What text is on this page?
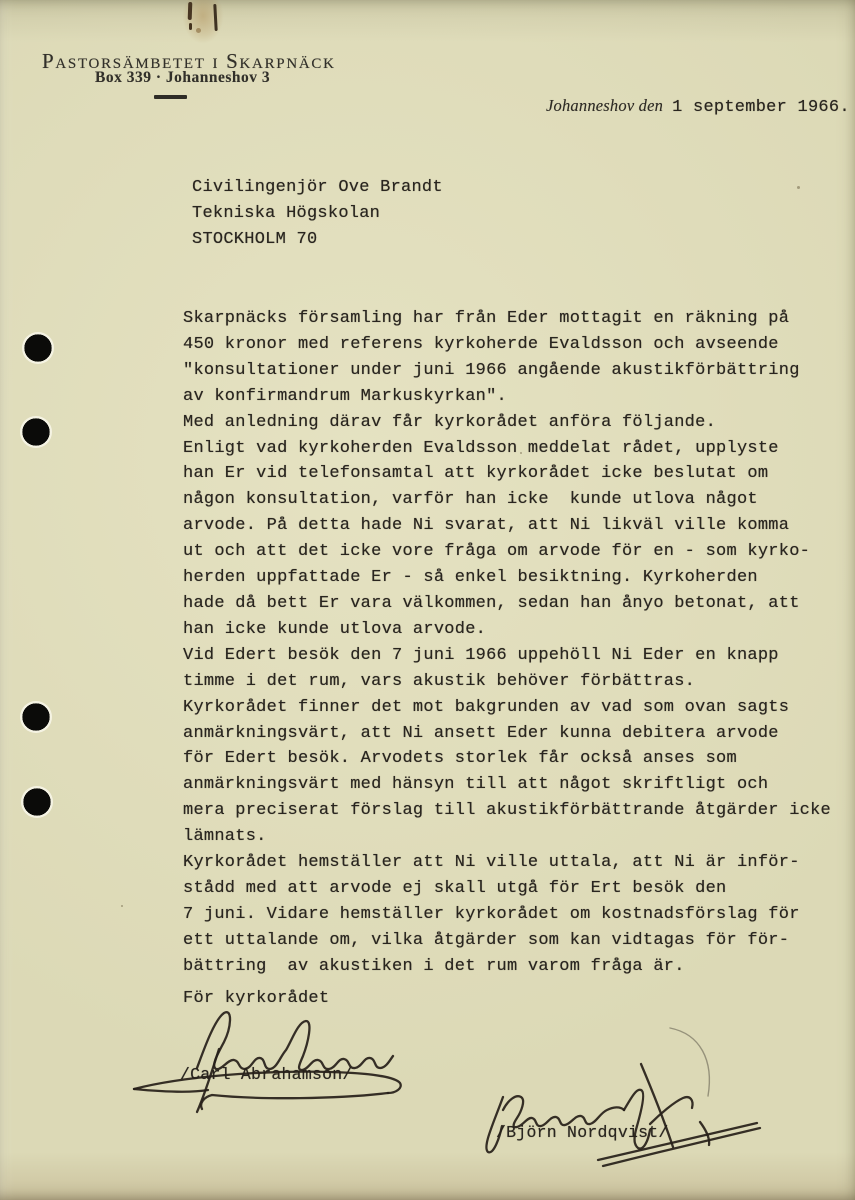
Pastorsämbetet i Skarpnäck
Box 339 · Johanneshov 3
Johanneshov den 1 september 1966.
Civilingenjör Ove Brandt
Tekniska Högskolan
STOCKHOLM 70
Skarpnäcks församling har från Eder mottagit en räkning på
450 kronor med referens kyrkoherde Evaldsson och avseende
"konsultationer under juni 1966 angående akustikförbättring
av konfirmandrum Markuskyrkan".
Med anledning därav får kyrkorådet anföra följande.
Enligt vad kyrkoherden Evaldsson meddelat rådet, upplyste
han Er vid telefonsamtal att kyrkorådet icke beslutat om
någon konsultation, varför han icke  kunde utlova något
arvode. På detta hade Ni svarat, att Ni likväl ville komma
ut och att det icke vore fråga om arvode för en - som kyrko-
herden uppfattade Er - så enkel besiktning. Kyrkoherden
hade då bett Er vara välkommen, sedan han ånyo betonat, att
han icke kunde utlova arvode.
Vid Edert besök den 7 juni 1966 uppehöll Ni Eder en knapp
timme i det rum, vars akustik behöver förbättras.
Kyrkorådet finner det mot bakgrunden av vad som ovan sagts
anmärkningsvärt, att Ni ansett Eder kunna debitera arvode
för Edert besök. Arvodets storlek får också anses som
anmärkningsvärt med hänsyn till att något skriftligt och
mera preciserat förslag till akustikförbättrande åtgärder icke
lämnats.
Kyrkorådet hemställer att Ni ville uttala, att Ni är inför-
stådd med att arvode ej skall utgå för Ert besök den
7 juni. Vidare hemställer kyrkorådet om kostnadsförslag för
ett uttalande om, vilka åtgärder som kan vidtagas för för-
bättring  av akustiken i det rum varom fråga är.
För kyrkorådet
/Carl Abrahamson/
/Björn Nordqvist/
